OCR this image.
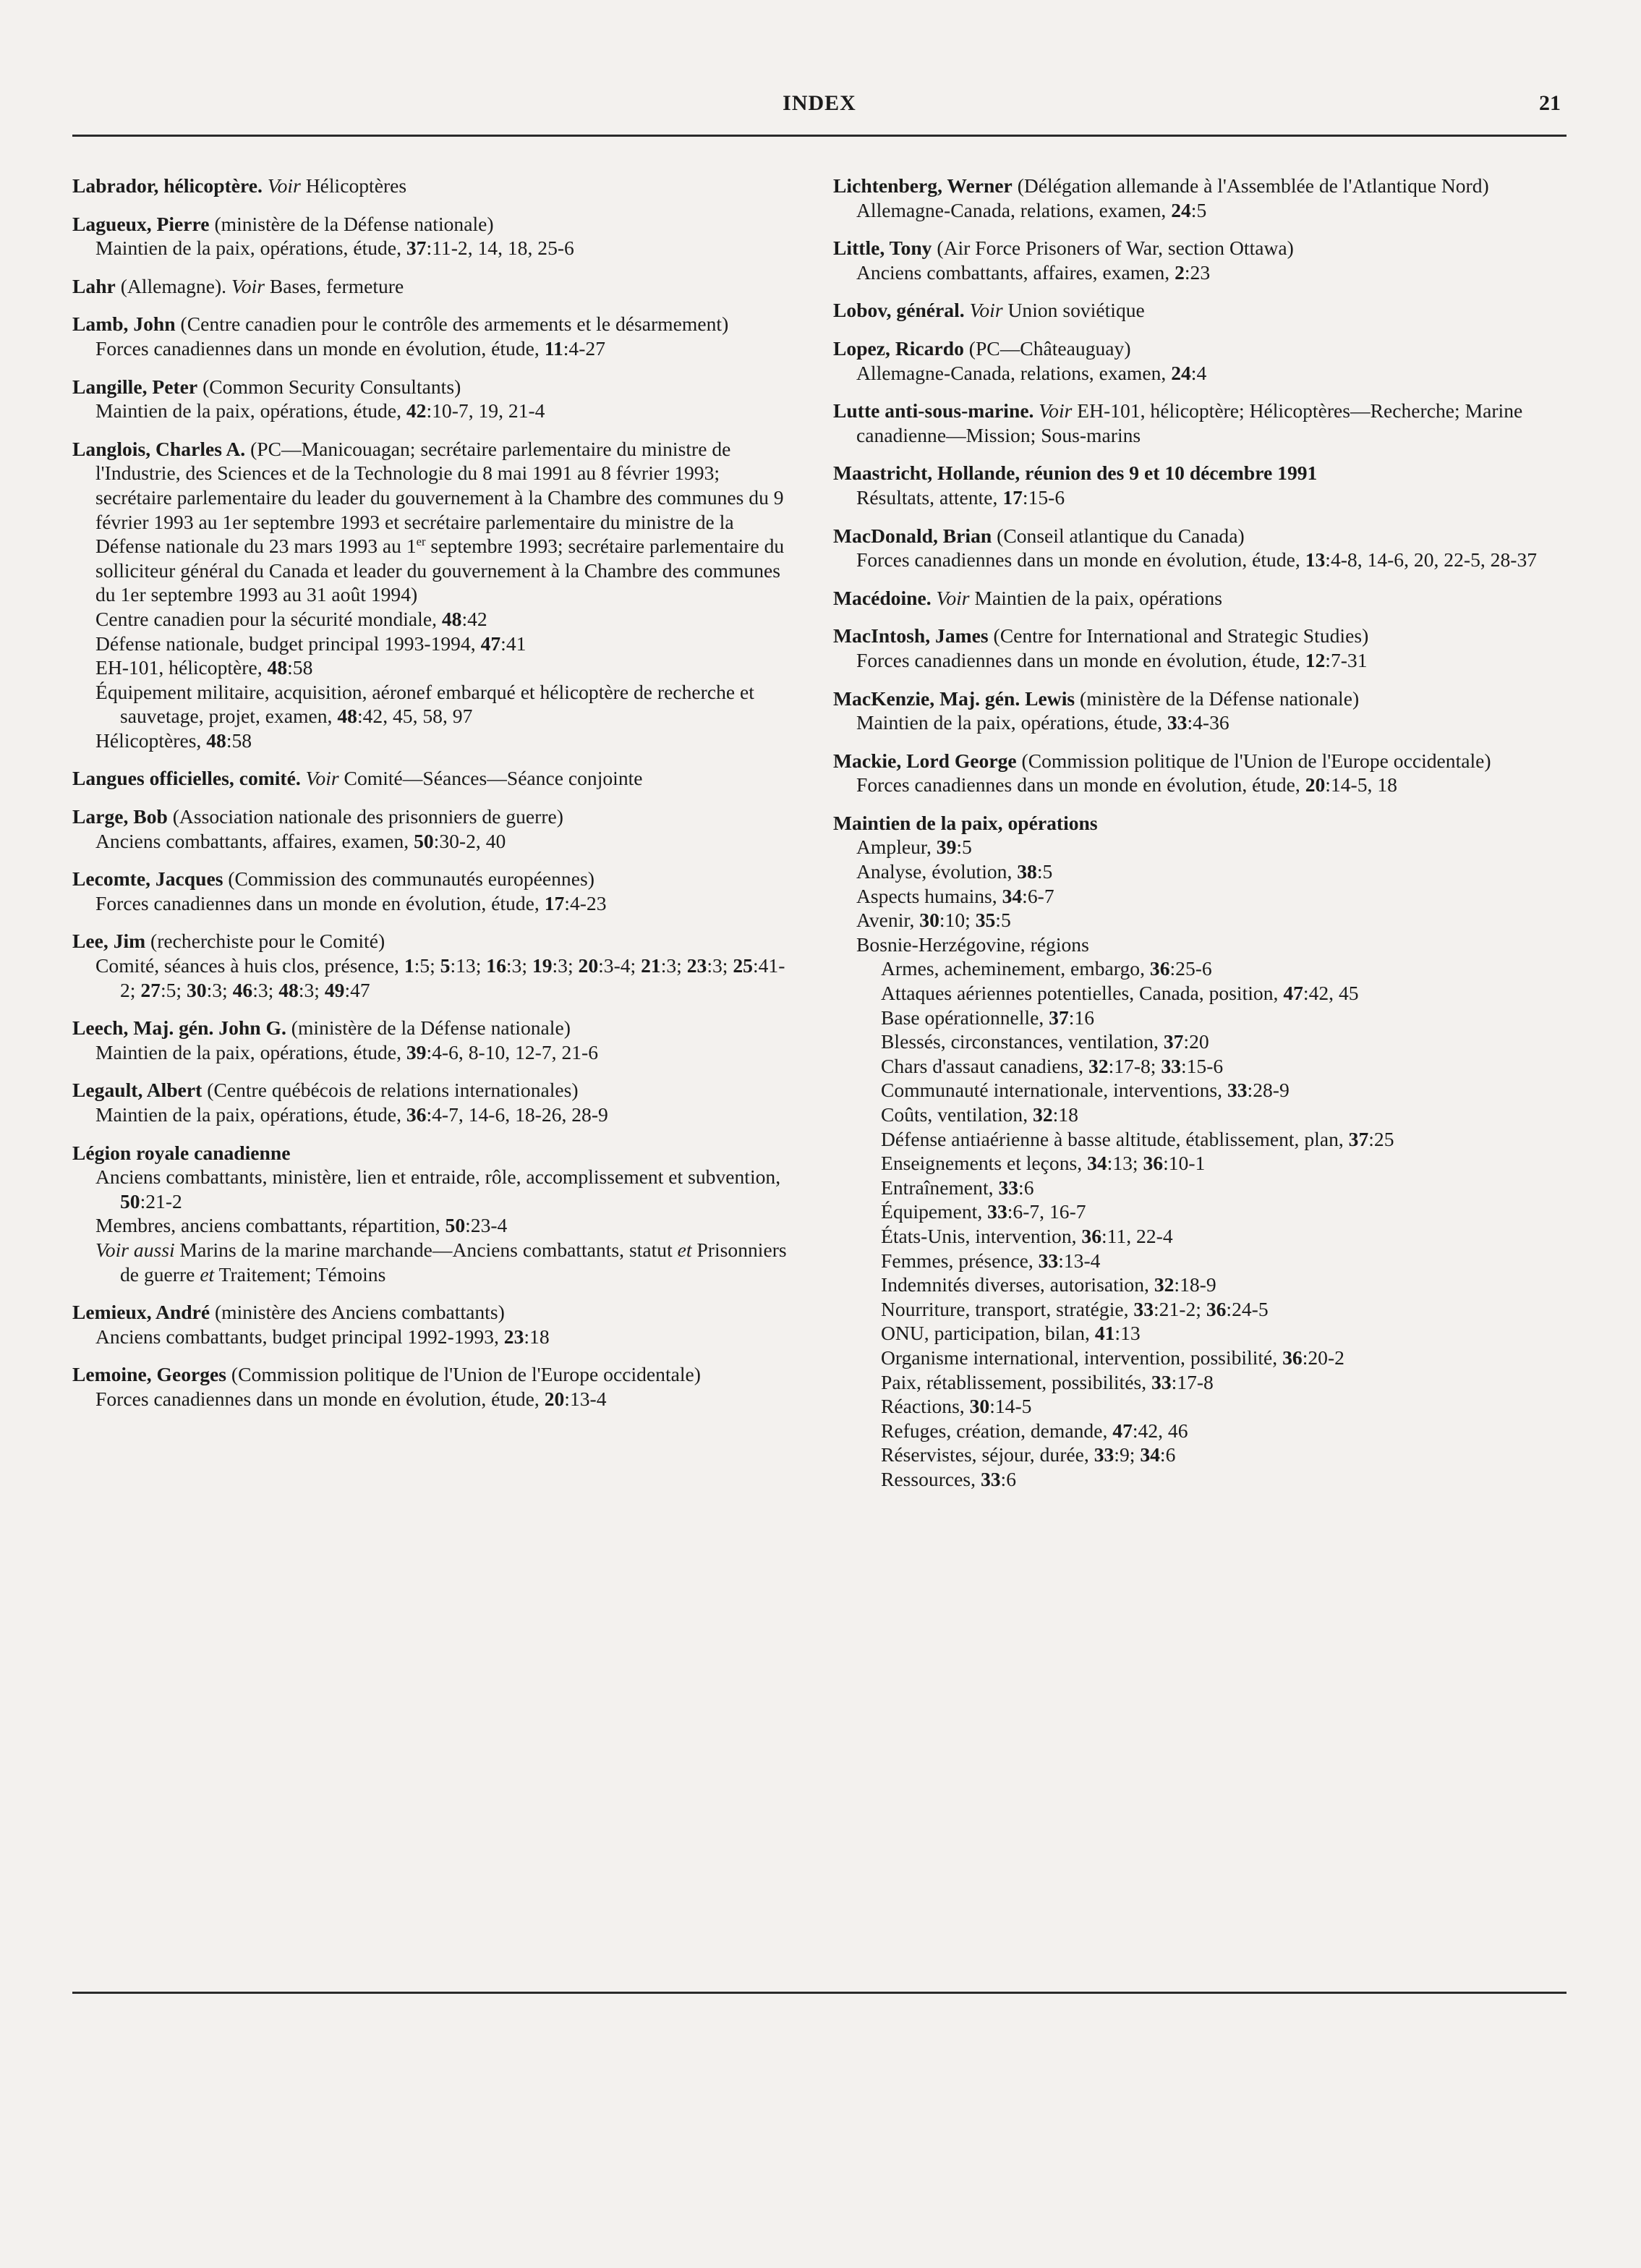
INDEX	21
Labrador, hélicoptère. Voir Hélicoptères
Lagueux, Pierre (ministère de la Défense nationale)
Maintien de la paix, opérations, étude, 37:11-2, 14, 18, 25-6
Lahr (Allemagne). Voir Bases, fermeture
Lamb, John (Centre canadien pour le contrôle des armements et le désarmement)
Forces canadiennes dans un monde en évolution, étude, 11:4-27
Langille, Peter (Common Security Consultants)
Maintien de la paix, opérations, étude, 42:10-7, 19, 21-4
Langlois, Charles A. (PC—Manicouagan; secrétaire parlementaire du ministre de l'Industrie, des Sciences et de la Technologie du 8 mai 1991 au 8 février 1993; secrétaire parlementaire du leader du gouvernement à la Chambre des communes du 9 février 1993 au 1er septembre 1993 et secrétaire parlementaire du ministre de la Défense nationale du 23 mars 1993 au 1er septembre 1993; secrétaire parlementaire du solliciteur général du Canada et leader du gouvernement à la Chambre des communes du 1er septembre 1993 au 31 août 1994)
Centre canadien pour la sécurité mondiale, 48:42
Défense nationale, budget principal 1993-1994, 47:41
EH-101, hélicoptère, 48:58
Équipement militaire, acquisition, aéronef embarqué et hélicoptère de recherche et sauvetage, projet, examen, 48:42, 45, 58, 97
Hélicoptères, 48:58
Langues officielles, comité. Voir Comité—Séances—Séance conjointe
Large, Bob (Association nationale des prisonniers de guerre)
Anciens combattants, affaires, examen, 50:30-2, 40
Lecomte, Jacques (Commission des communautés européennes)
Forces canadiennes dans un monde en évolution, étude, 17:4-23
Lee, Jim (recherchiste pour le Comité)
Comité, séances à huis clos, présence, 1:5; 5:13; 16:3; 19:3; 20:3-4; 21:3; 23:3; 25:41-2; 27:5; 30:3; 46:3; 48:3; 49:47
Leech, Maj. gén. John G. (ministère de la Défense nationale)
Maintien de la paix, opérations, étude, 39:4-6, 8-10, 12-7, 21-6
Legault, Albert (Centre québécois de relations internationales)
Maintien de la paix, opérations, étude, 36:4-7, 14-6, 18-26, 28-9
Légion royale canadienne
Anciens combattants, ministère, lien et entraide, rôle, accomplissement et subvention, 50:21-2
Membres, anciens combattants, répartition, 50:23-4
Voir aussi Marins de la marine marchande—Anciens combattants, statut et Prisonniers de guerre et Traitement; Témoins
Lemieux, André (ministère des Anciens combattants)
Anciens combattants, budget principal 1992-1993, 23:18
Lemoine, Georges (Commission politique de l'Union de l'Europe occidentale)
Forces canadiennes dans un monde en évolution, étude, 20:13-4
Lichtenberg, Werner (Délégation allemande à l'Assemblée de l'Atlantique Nord)
Allemagne-Canada, relations, examen, 24:5
Little, Tony (Air Force Prisoners of War, section Ottawa)
Anciens combattants, affaires, examen, 2:23
Lobov, général. Voir Union soviétique
Lopez, Ricardo (PC—Châteauguay)
Allemagne-Canada, relations, examen, 24:4
Lutte anti-sous-marine. Voir EH-101, hélicoptère; Hélicoptères—Recherche; Marine canadienne—Mission; Sous-marins
Maastricht, Hollande, réunion des 9 et 10 décembre 1991
Résultats, attente, 17:15-6
MacDonald, Brian (Conseil atlantique du Canada)
Forces canadiennes dans un monde en évolution, étude, 13:4-8, 14-6, 20, 22-5, 28-37
Macédoine. Voir Maintien de la paix, opérations
MacIntosh, James (Centre for International and Strategic Studies)
Forces canadiennes dans un monde en évolution, étude, 12:7-31
MacKenzie, Maj. gén. Lewis (ministère de la Défense nationale)
Maintien de la paix, opérations, étude, 33:4-36
Mackie, Lord George (Commission politique de l'Union de l'Europe occidentale)
Forces canadiennes dans un monde en évolution, étude, 20:14-5, 18
Maintien de la paix, opérations
Ampleur, 39:5
Analyse, évolution, 38:5
Aspects humains, 34:6-7
Avenir, 30:10; 35:5
Bosnie-Herzégovine, régions
Armes, acheminement, embargo, 36:25-6
Attaques aériennes potentielles, Canada, position, 47:42, 45
Base opérationnelle, 37:16
Blessés, circonstances, ventilation, 37:20
Chars d'assaut canadiens, 32:17-8; 33:15-6
Communauté internationale, interventions, 33:28-9
Coûts, ventilation, 32:18
Défense antiaérienne à basse altitude, établissement, plan, 37:25
Enseignements et leçons, 34:13; 36:10-1
Entraînement, 33:6
Équipement, 33:6-7, 16-7
États-Unis, intervention, 36:11, 22-4
Femmes, présence, 33:13-4
Indemnités diverses, autorisation, 32:18-9
Nourriture, transport, stratégie, 33:21-2; 36:24-5
ONU, participation, bilan, 41:13
Organisme international, intervention, possibilité, 36:20-2
Paix, rétablissement, possibilités, 33:17-8
Réactions, 30:14-5
Refuges, création, demande, 47:42, 46
Réservistes, séjour, durée, 33:9; 34:6
Ressources, 33:6
